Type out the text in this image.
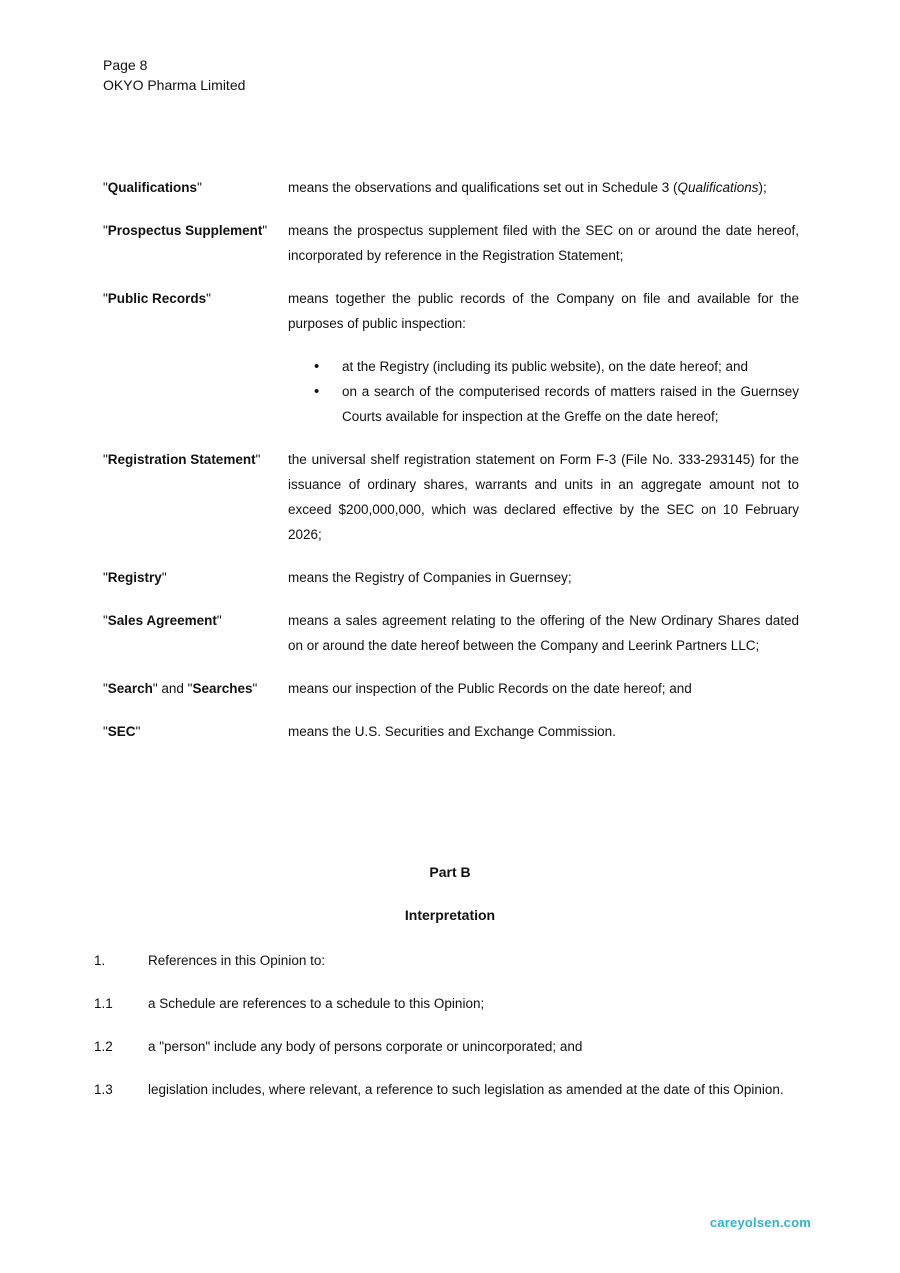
Page 8
OKYO Pharma Limited
"Qualifications"	means the observations and qualifications set out in Schedule 3 (Qualifications);
"Prospectus Supplement"	means the prospectus supplement filed with the SEC on or around the date hereof, incorporated by reference in the Registration Statement;
"Public Records"	means together the public records of the Company on file and available for the purposes of public inspection:
• at the Registry (including its public website), on the date hereof; and
• on a search of the computerised records of matters raised in the Guernsey Courts available for inspection at the Greffe on the date hereof;
"Registration Statement"	the universal shelf registration statement on Form F-3 (File No. 333-293145) for the issuance of ordinary shares, warrants and units in an aggregate amount not to exceed $200,000,000, which was declared effective by the SEC on 10 February 2026;
"Registry"	means the Registry of Companies in Guernsey;
"Sales Agreement"	means a sales agreement relating to the offering of the New Ordinary Shares dated on or around the date hereof between the Company and Leerink Partners LLC;
"Search" and "Searches"	means our inspection of the Public Records on the date hereof; and
"SEC"	means the U.S. Securities and Exchange Commission.
Part B
Interpretation
1.	References in this Opinion to:
1.1	a Schedule are references to a schedule to this Opinion;
1.2	a "person" include any body of persons corporate or unincorporated; and
1.3	legislation includes, where relevant, a reference to such legislation as amended at the date of this Opinion.
careyolsen.com
